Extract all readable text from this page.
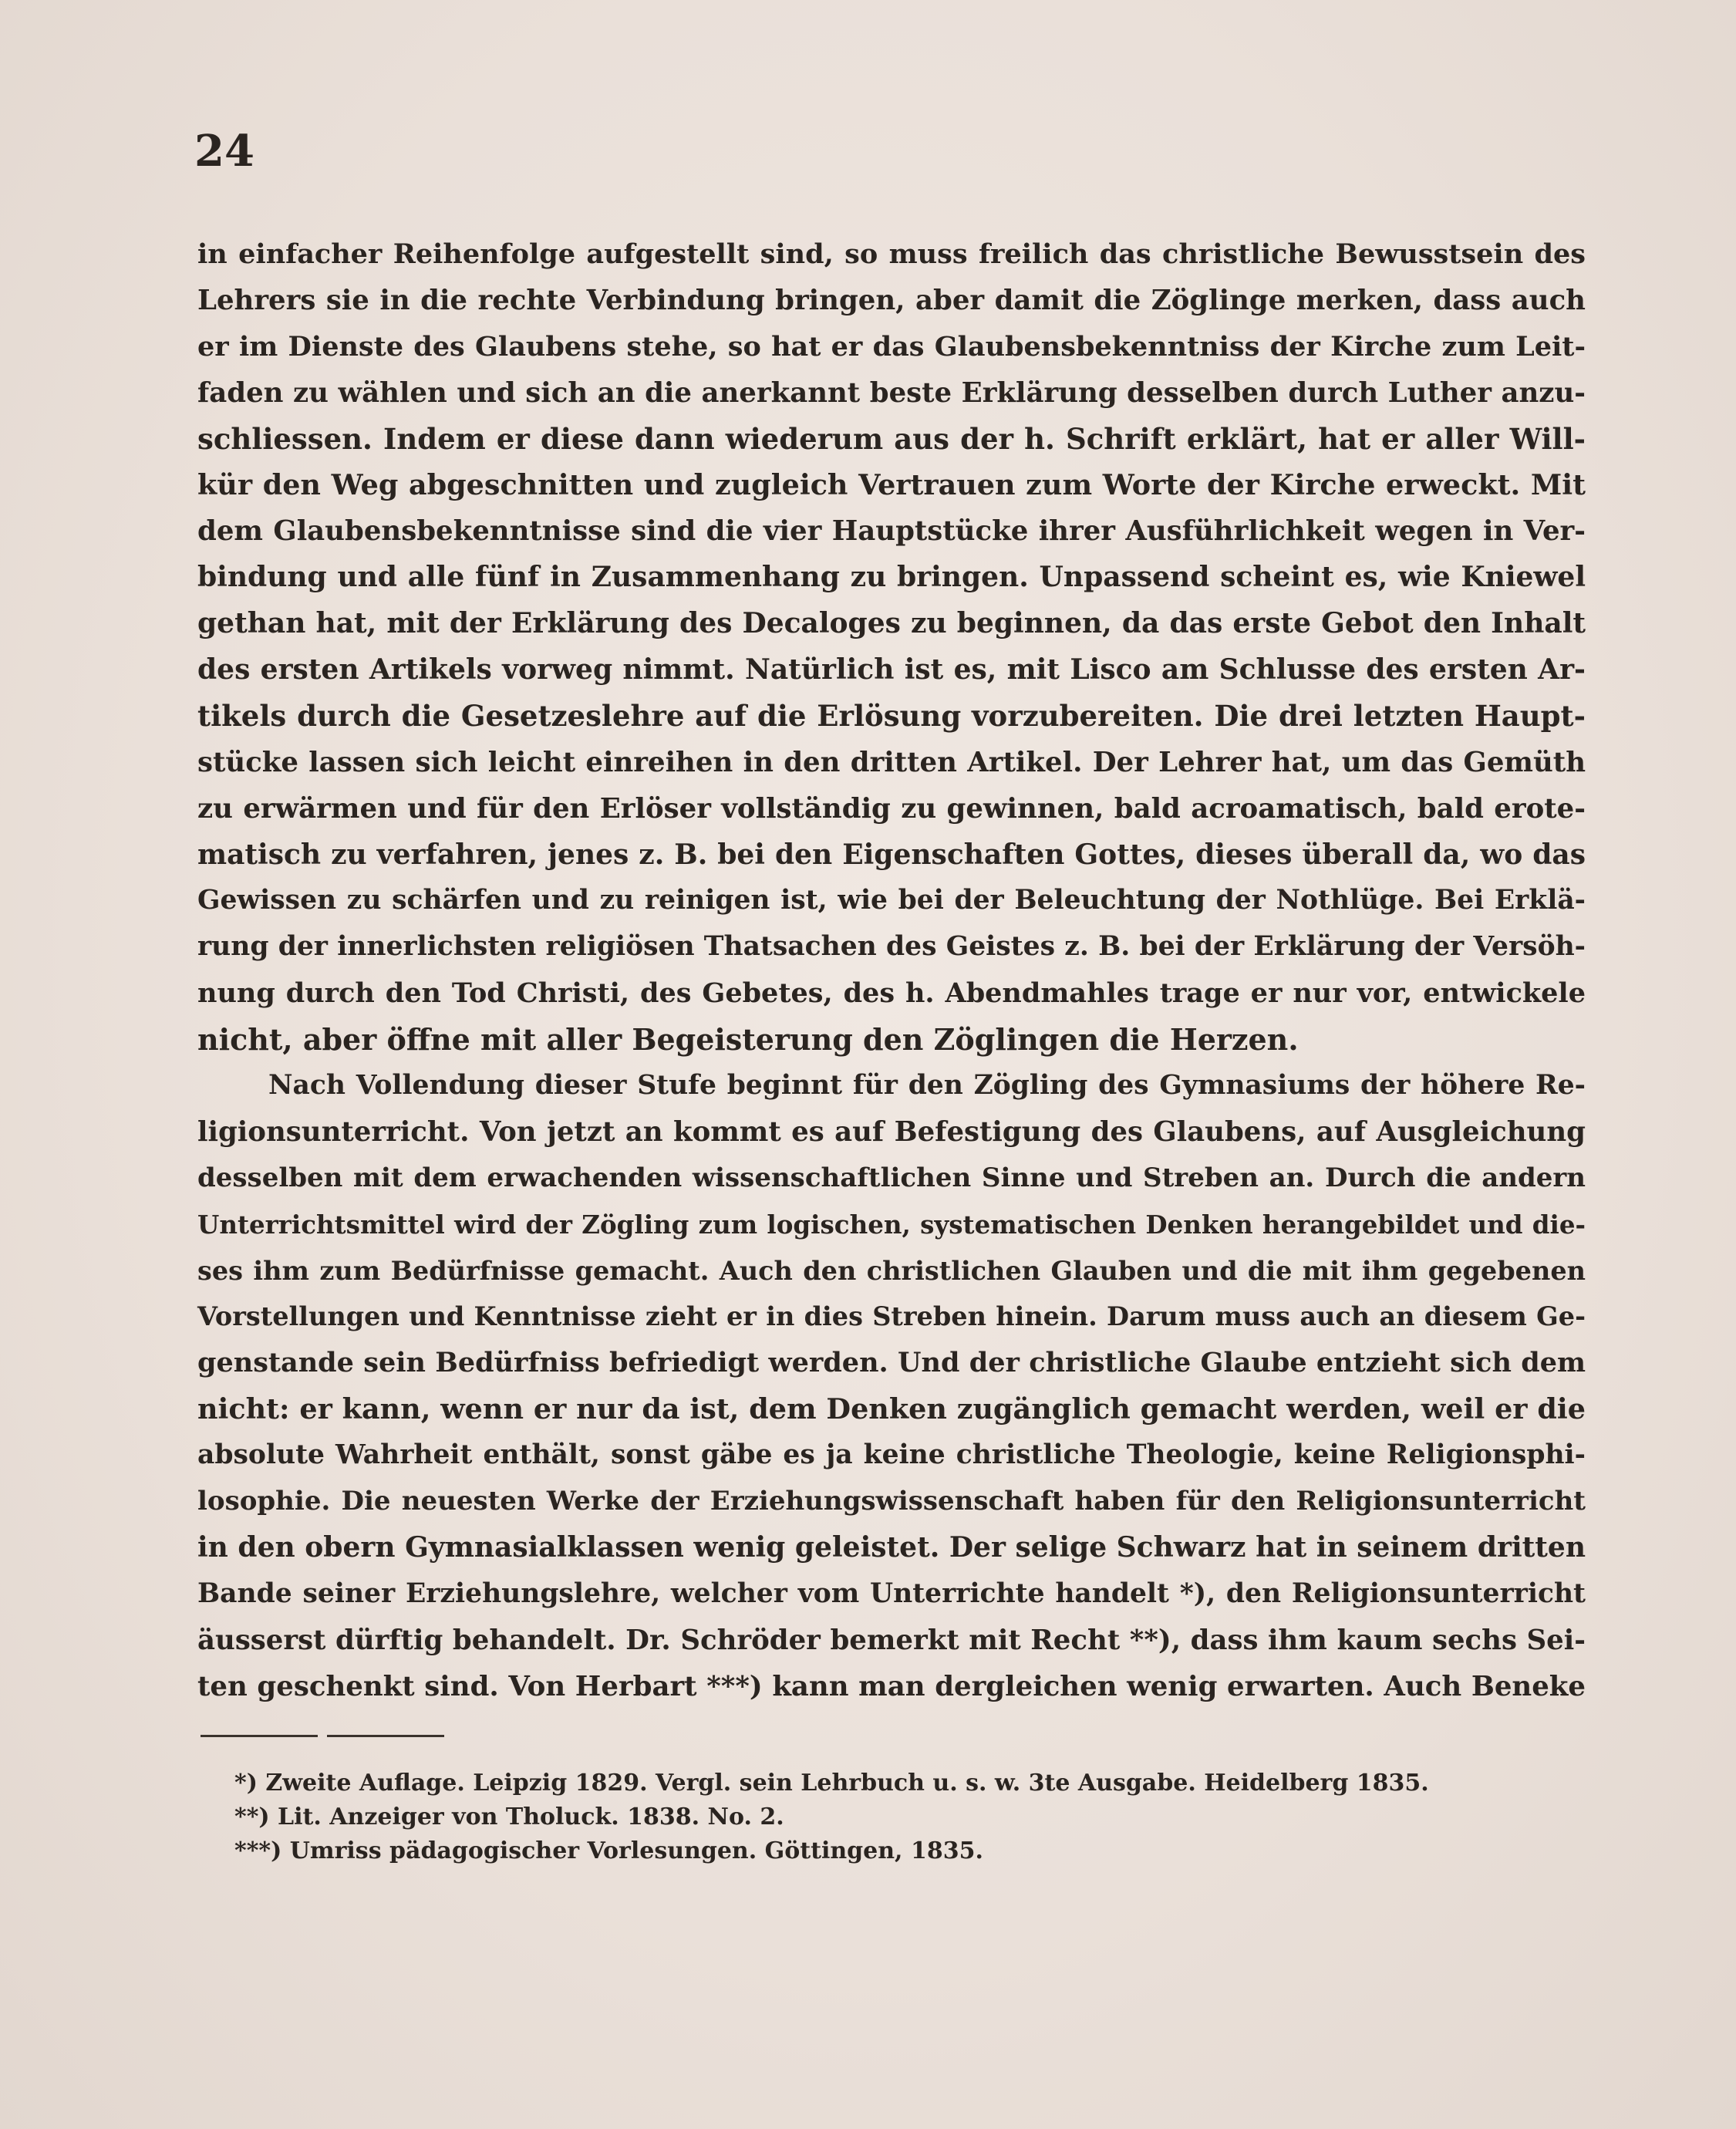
24
in einfacher Reihenfolge aufgestellt sind, so muss freilich das christliche Bewusstsein des
Lehrers sie in die rechte Verbindung bringen, aber damit die Zöglinge merken, dass auch
er im Dienste des Glaubens stehe, so hat er das Glaubensbekenntniss der Kirche zum Leit-
faden zu wählen und sich an die anerkannt beste Erklärung desselben durch Luther anzu-
schliessen. Indem er diese dann wiederum aus der h. Schrift erklärt, hat er aller Will-
kür den Weg abgeschnitten und zugleich Vertrauen zum Worte der Kirche erweckt. Mit
dem Glaubensbekenntnisse sind die vier Hauptstücke ihrer Ausführlichkeit wegen in Ver-
bindung und alle fünf in Zusammenhang zu bringen. Unpassend scheint es, wie Kniewel
gethan hat, mit der Erklärung des Decaloges zu beginnen, da das erste Gebot den Inhalt
des ersten Artikels vorweg nimmt. Natürlich ist es, mit Lisco am Schlusse des ersten Ar-
tikels durch die Gesetzeslehre auf die Erlösung vorzubereiten. Die drei letzten Haupt-
stücke lassen sich leicht einreihen in den dritten Artikel. Der Lehrer hat, um das Gemüth
zu erwärmen und für den Erlöser vollständig zu gewinnen, bald acroamatisch, bald erote-
matisch zu verfahren, jenes z. B. bei den Eigenschaften Gottes, dieses überall da, wo das
Gewissen zu schärfen und zu reinigen ist, wie bei der Beleuchtung der Nothlüge. Bei Erklä-
rung der innerlichsten religiösen Thatsachen des Geistes z. B. bei der Erklärung der Versöh-
nung durch den Tod Christi, des Gebetes, des h. Abendmahles trage er nur vor, entwickele
nicht, aber öffne mit aller Begeisterung den Zöglingen die Herzen.
Nach Vollendung dieser Stufe beginnt für den Zögling des Gymnasiums der höhere Re-
ligionsunterricht. Von jetzt an kommt es auf Befestigung des Glaubens, auf Ausgleichung
desselben mit dem erwachenden wissenschaftlichen Sinne und Streben an. Durch die andern
Unterrichtsmittel wird der Zögling zum logischen, systematischen Denken herangebildet und die-
ses ihm zum Bedürfnisse gemacht. Auch den christlichen Glauben und die mit ihm gegebenen
Vorstellungen und Kenntnisse zieht er in dies Streben hinein. Darum muss auch an diesem Ge-
genstande sein Bedürfniss befriedigt werden. Und der christliche Glaube entzieht sich dem
nicht: er kann, wenn er nur da ist, dem Denken zugänglich gemacht werden, weil er die
absolute Wahrheit enthält, sonst gäbe es ja keine christliche Theologie, keine Religionsphi-
losophie. Die neuesten Werke der Erziehungswissenschaft haben für den Religionsunterricht
in den obern Gymnasialklassen wenig geleistet. Der selige Schwarz hat in seinem dritten
Bande seiner Erziehungslehre, welcher vom Unterrichte handelt *), den Religionsunterricht
äusserst dürftig behandelt. Dr. Schröder bemerkt mit Recht **), dass ihm kaum sechs Sei-
ten geschenkt sind. Von Herbart ***) kann man dergleichen wenig erwarten. Auch Beneke
*) Zweite Auflage. Leipzig 1829. Vergl. sein Lehrbuch u. s. w. 3te Ausgabe. Heidelberg 1835.
**) Lit. Anzeiger von Tholuck. 1838. No. 2.
***) Umriss pädagogischer Vorlesungen. Göttingen, 1835.
